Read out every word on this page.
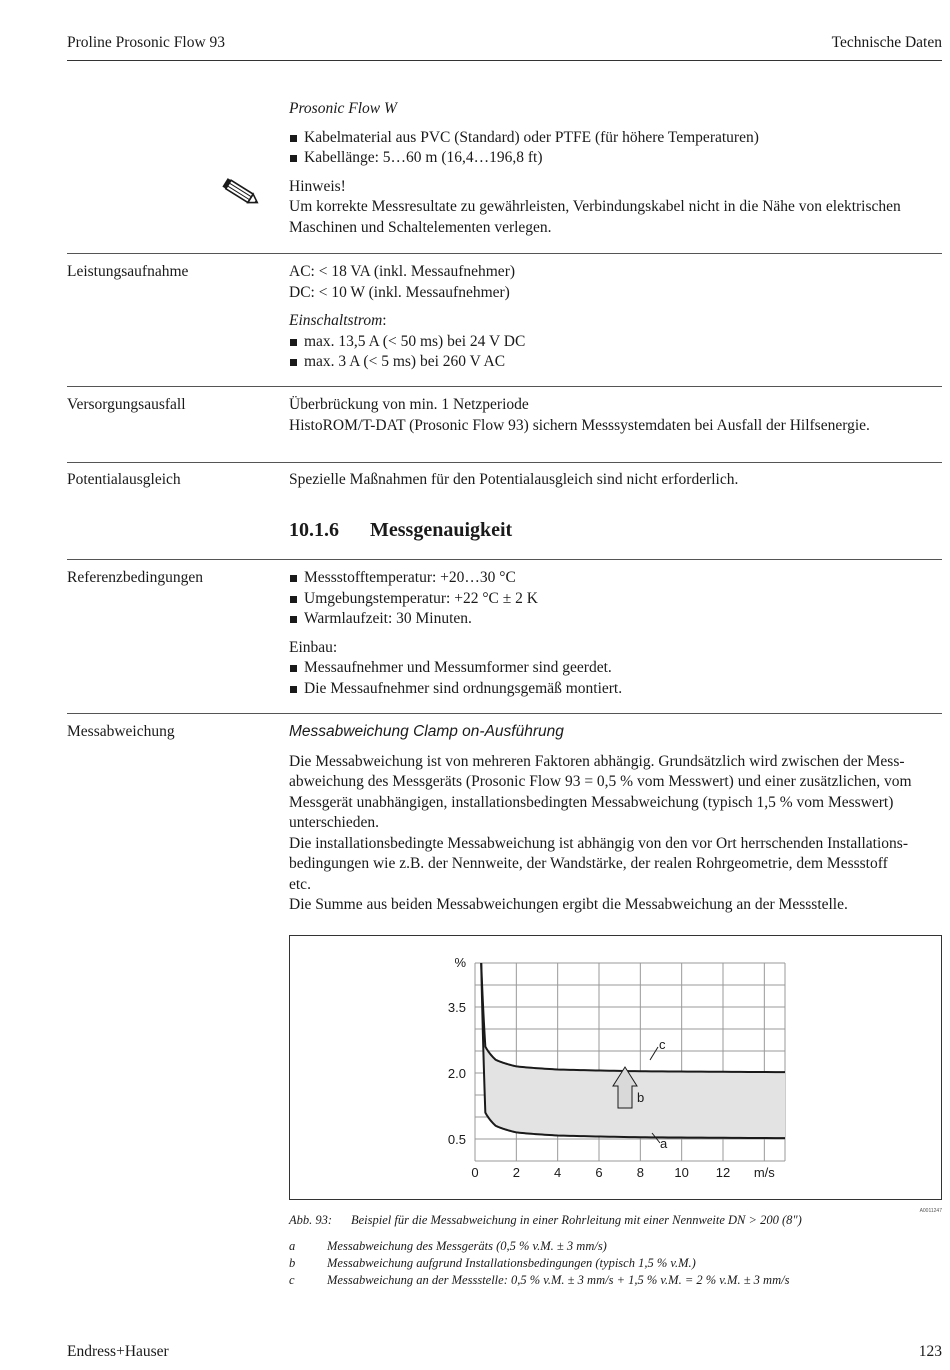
Proline Prosonic Flow 93	Technische Daten

Prosonic Flow W

Kabelmaterial aus PVC (Standard) oder PTFE (für höhere Temperaturen)
Kabellänge: 5…60 m (16,4…196,8 ft)

Hinweis!

Um korrekte Messresultate zu gewährleisten, Verbindungskabel nicht in die Nähe von elektrischen Maschinen und Schaltelementen verlegen.

Leistungsaufnahme	AC: < 18 VA (inkl. Messaufnehmer)

DC: < 10 W (inkl. Messaufnehmer)

Einschaltstrom:

max. 13,5 A (< 50 ms) bei 24 V DC
max. 3 A (< 5 ms) bei 260 V AC
Versorgungsausfall	Überbrückung von min. 1 Netzperiode

HistoROM/T-DAT (Prosonic Flow 93) sichern Messsystemdaten bei Ausfall der Hilfsenergie.

Potentialausgleich	Spezielle Maßnahmen für den Potentialausgleich sind nicht erforderlich.
10.1.6 Messgenauigkeit
Referenzbedingungen	Messstofftemperatur: +20…30 °C
Umgebungstemperatur: +22 °C ± 2 K
Warmlaufzeit: 30 Minuten.

Einbau:

Messaufnehmer und Messumformer sind geerdet.
Die Messaufnehmer sind ordnungsgemäß montiert.
Messabweichung	Messabweichung Clamp on-Ausführung

Die Messabweichung ist von mehreren Faktoren abhängig. Grundsätzlich wird zwischen der Mess-

abweichung des Messgeräts (Prosonic Flow 93 = 0,5 % vom Messwert) und einer zusätzlichen, vom

Messgerät unabhängigen, installationsbedingten Messabweichung (typisch 1,5 % vom Messwert)

unterschieden.

Die installationsbedingte Messabweichung ist abhängig von den vor Ort herrschenden Installations-

bedingungen wie z.B. der Nennweite, der Wandstärke, der realen Rohrgeometrie, dem Messstoff

etc.

Die Summe aus beiden Messabweichungen ergibt die Messabweichung an der Messstelle.

c
b
a
0	2	4	6	8 10 12 m/s
0.5
2.0
3.5
%
A0011247
Abb. 93: Beispiel für die Messabweichung in einer Rohrleitung mit einer Nennweite DN > 200 (8")
a	Messabweichung des Messgeräts (0,5 % v.M. ± 3 mm/s)
b	Messabweichung aufgrund Installationsbedingungen (typisch 1,5 % v.M.)
c	Messabweichung an der Messstelle: 0,5 % v.M. ± 3 mm/s + 1,5 % v.M. = 2 % v.M. ± 3 mm/s
Endress+Hauser	123
